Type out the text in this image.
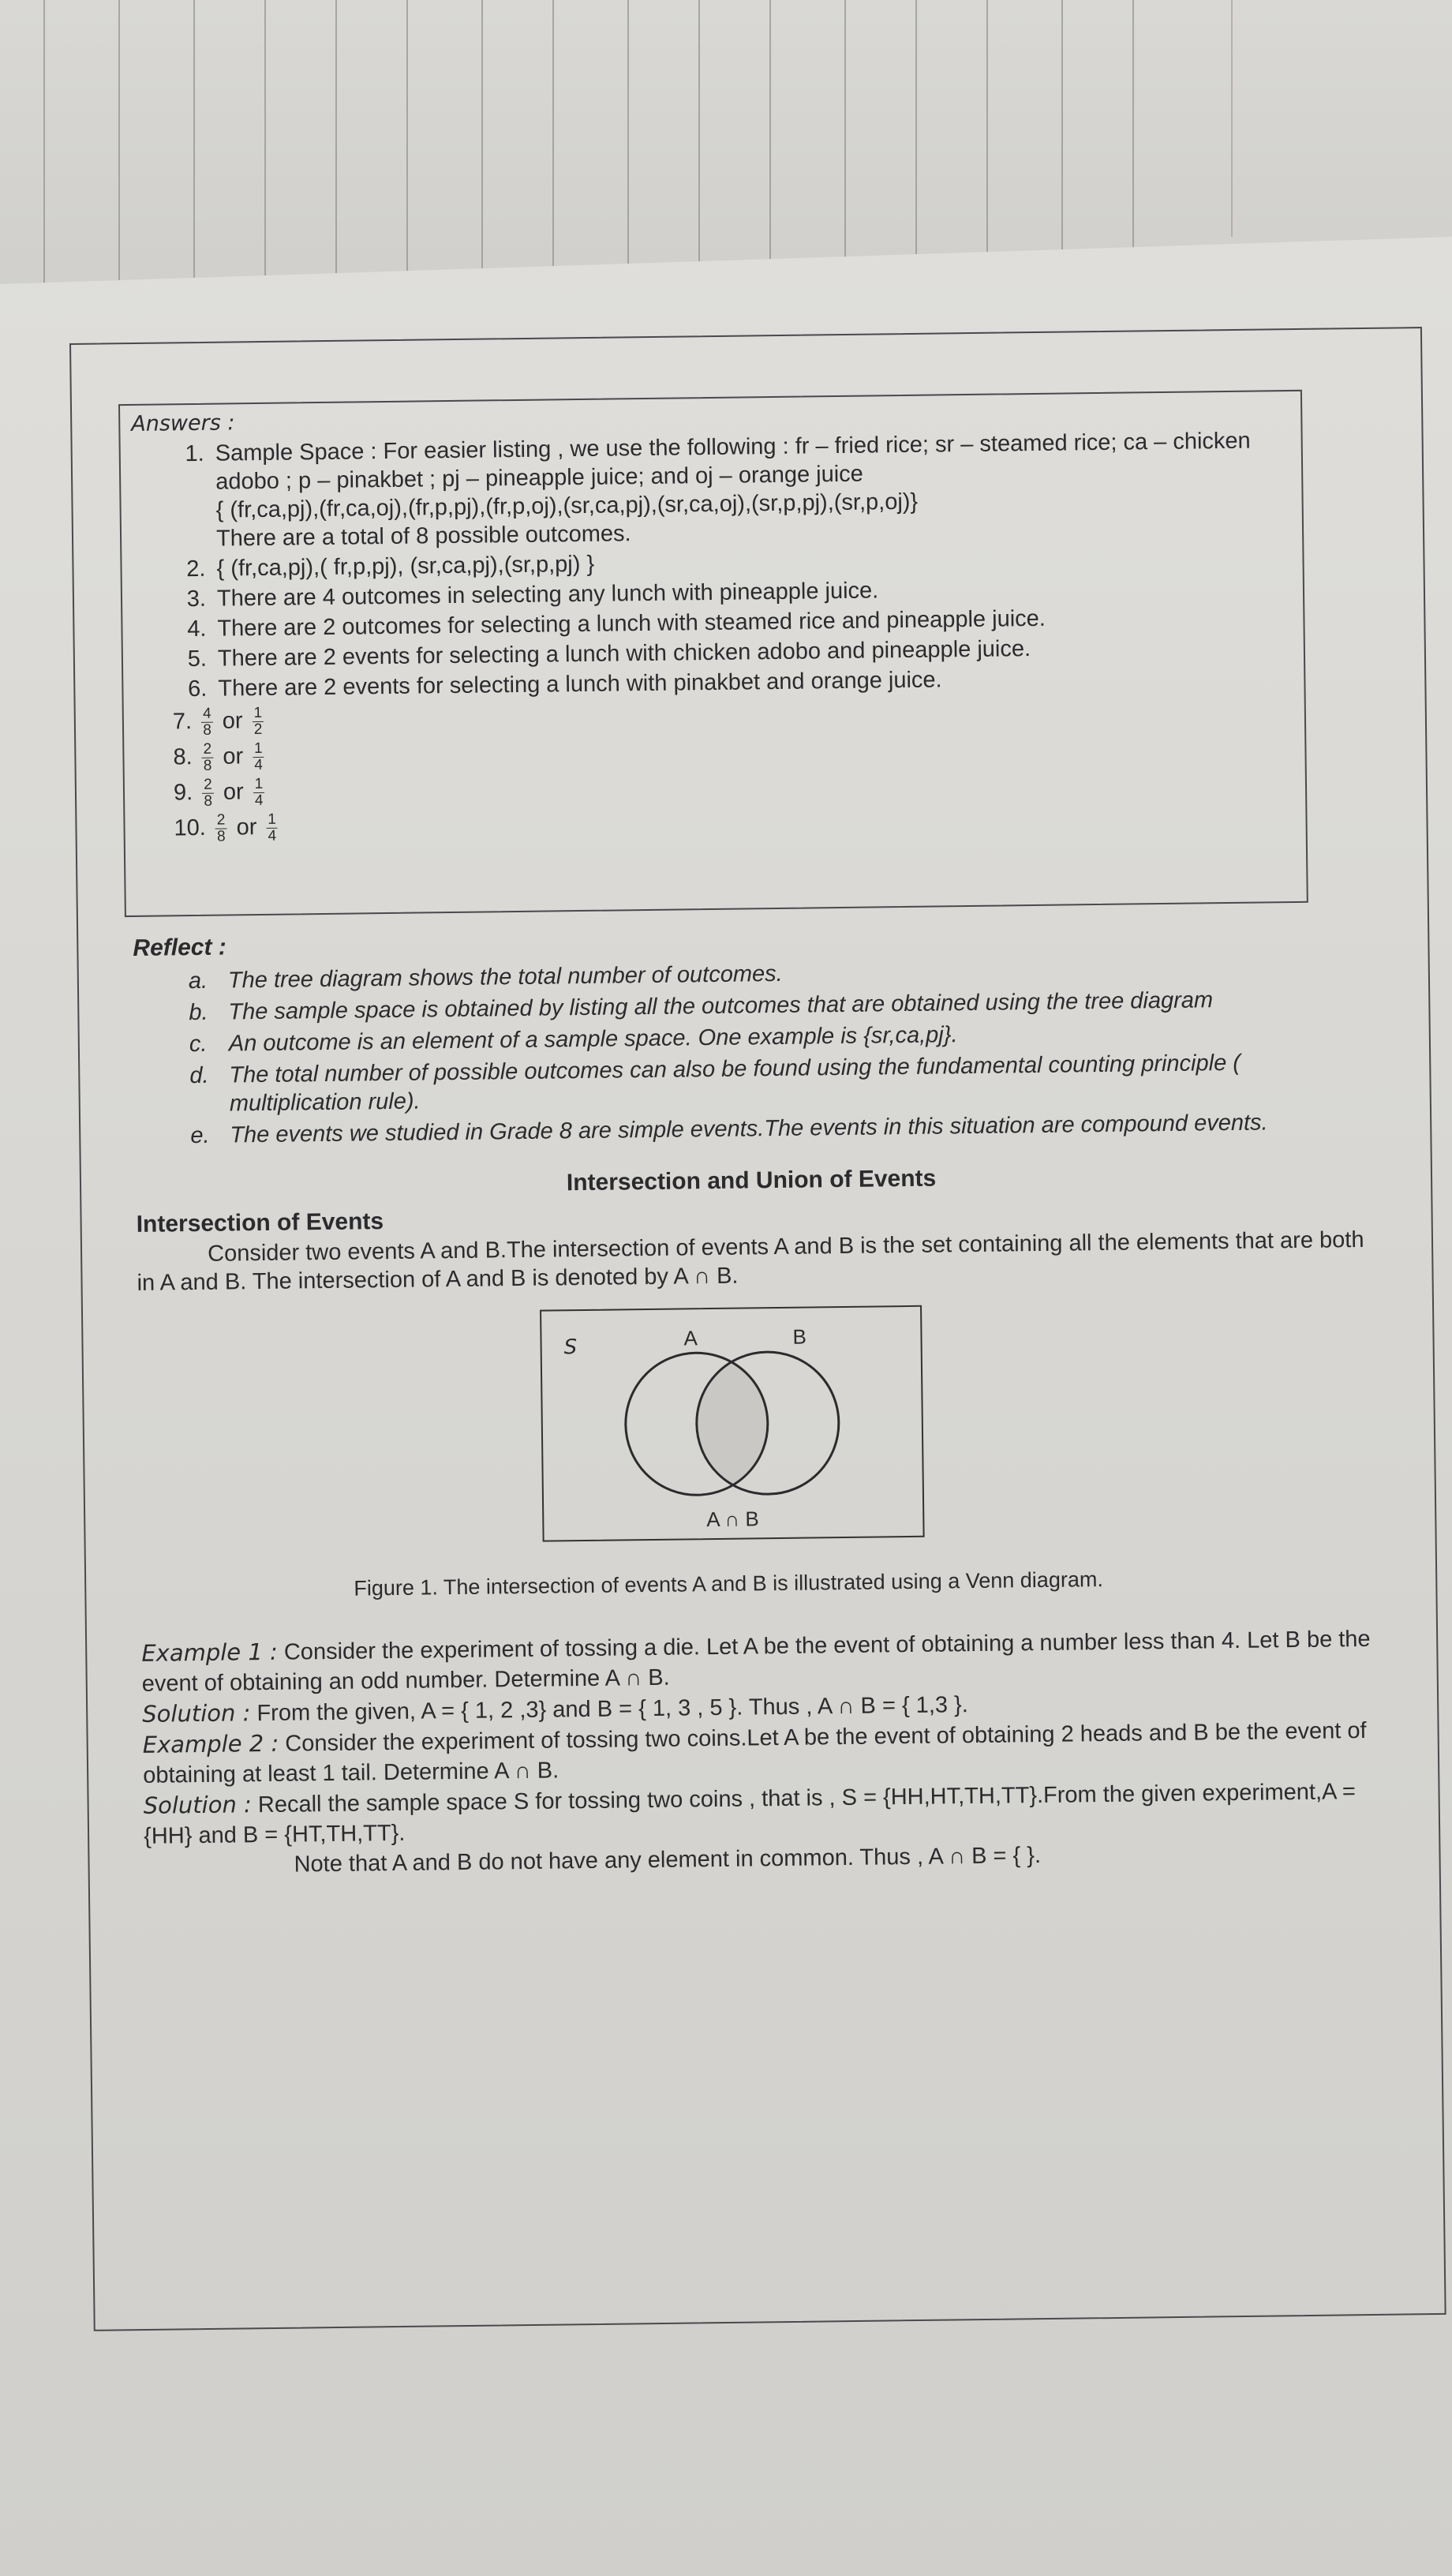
Answers :
1. Sample Space : For easier listing , we use the following : fr – fried rice; sr – steamed rice; ca – chicken adobo ; p – pinakbet ; pj – pineapple juice; and oj – orange juice
{ (fr,ca,pj),(fr,ca,oj),(fr,p,pj),(fr,p,oj),(sr,ca,pj),(sr,ca,oj),(sr,p,pj),(sr,p,oj)}
There are a total of 8 possible outcomes.
2. { (fr,ca,pj),( fr,p,pj), (sr,ca,pj),(sr,p,pj) }
3. There are 4 outcomes in selecting any lunch with pineapple juice.
4. There are 2 outcomes for selecting a lunch with steamed rice and pineapple juice.
5. There are 2 events for selecting a lunch with chicken adobo and pineapple juice.
6. There are 2 events for selecting a lunch with pinakbet and orange juice.
7. $\frac{4}{8}$ or $\frac{1}{2}$
8. $\frac{2}{8}$ or $\frac{1}{4}$
9. $\frac{2}{8}$ or $\frac{1}{4}$
10. $\frac{2}{8}$ or $\frac{1}{4}$
Reflect :
a. The tree diagram shows the total number of outcomes.
b. The sample space is obtained by listing all the outcomes that are obtained using the tree diagram
c. An outcome is an element of a sample space. One example is {sr,ca,pj}.
d. The total number of possible outcomes can also be found using the fundamental counting principle ( multiplication rule).
e. The events we studied in Grade 8 are simple events.The events in this situation are compound events.
Intersection and Union of Events
Intersection of Events

Consider two events A and B.The intersection of events A and B is the set containing all the elements that are both in A and B. The intersection of A and B is denoted by A ∩ B.

S	A	B
A ∩ B
Figure 1. The intersection of events A and B is illustrated using a Venn diagram.

Example 1 : Consider the experiment of tossing a die. Let A be the event of obtaining a number less than 4. Let B be the event of obtaining an odd number. Determine A ∩ B.

Solution : From the given, A = { 1, 2 ,3} and B = { 1, 3 , 5 }. Thus , A ∩ B = { 1,3 }.

Example 2 : Consider the experiment of tossing two coins.Let A be the event of obtaining 2 heads and B be the event of obtaining at least 1 tail. Determine A ∩ B.

Solution : Recall the sample space S for tossing two coins , that is , S = {HH,HT,TH,TT}.From the given experiment,A = {HH} and B = {HT,TH,TT}.

Note that A and B do not have any element in common. Thus , A ∩ B = { }.
